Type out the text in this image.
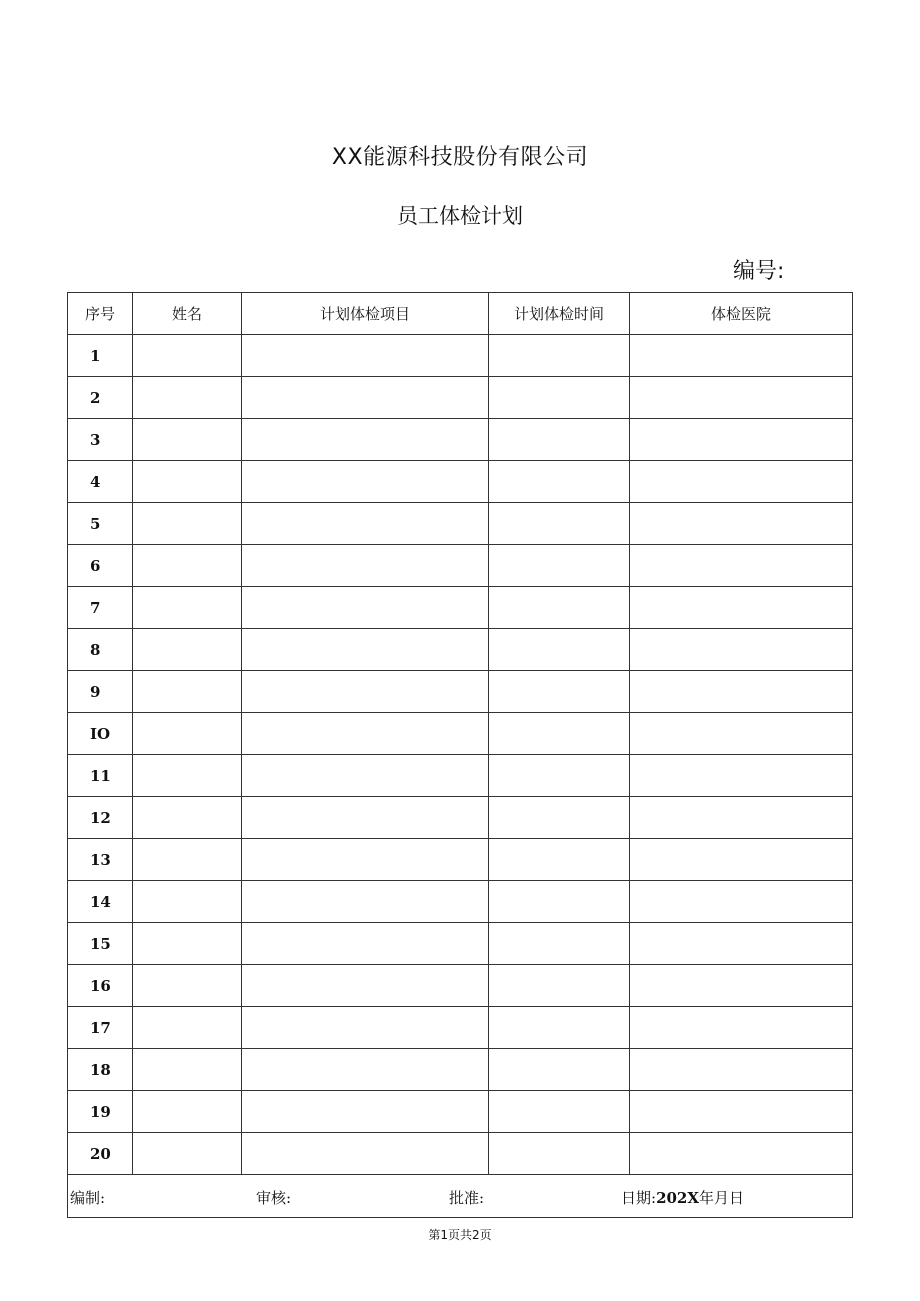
XX能源科技股份有限公司
员工体检计划
编号:
序号	姓名	计划体检项目	计划体检时间	体检医院
1				
2				
3				
4				
5				
6				
7				
8				
9				
IO				
11				
12				
13				
14				
15				
16				
17				
18				
19				
20				

编制: 审核: 批准: 日期:202X年月日				
第1页共2页
